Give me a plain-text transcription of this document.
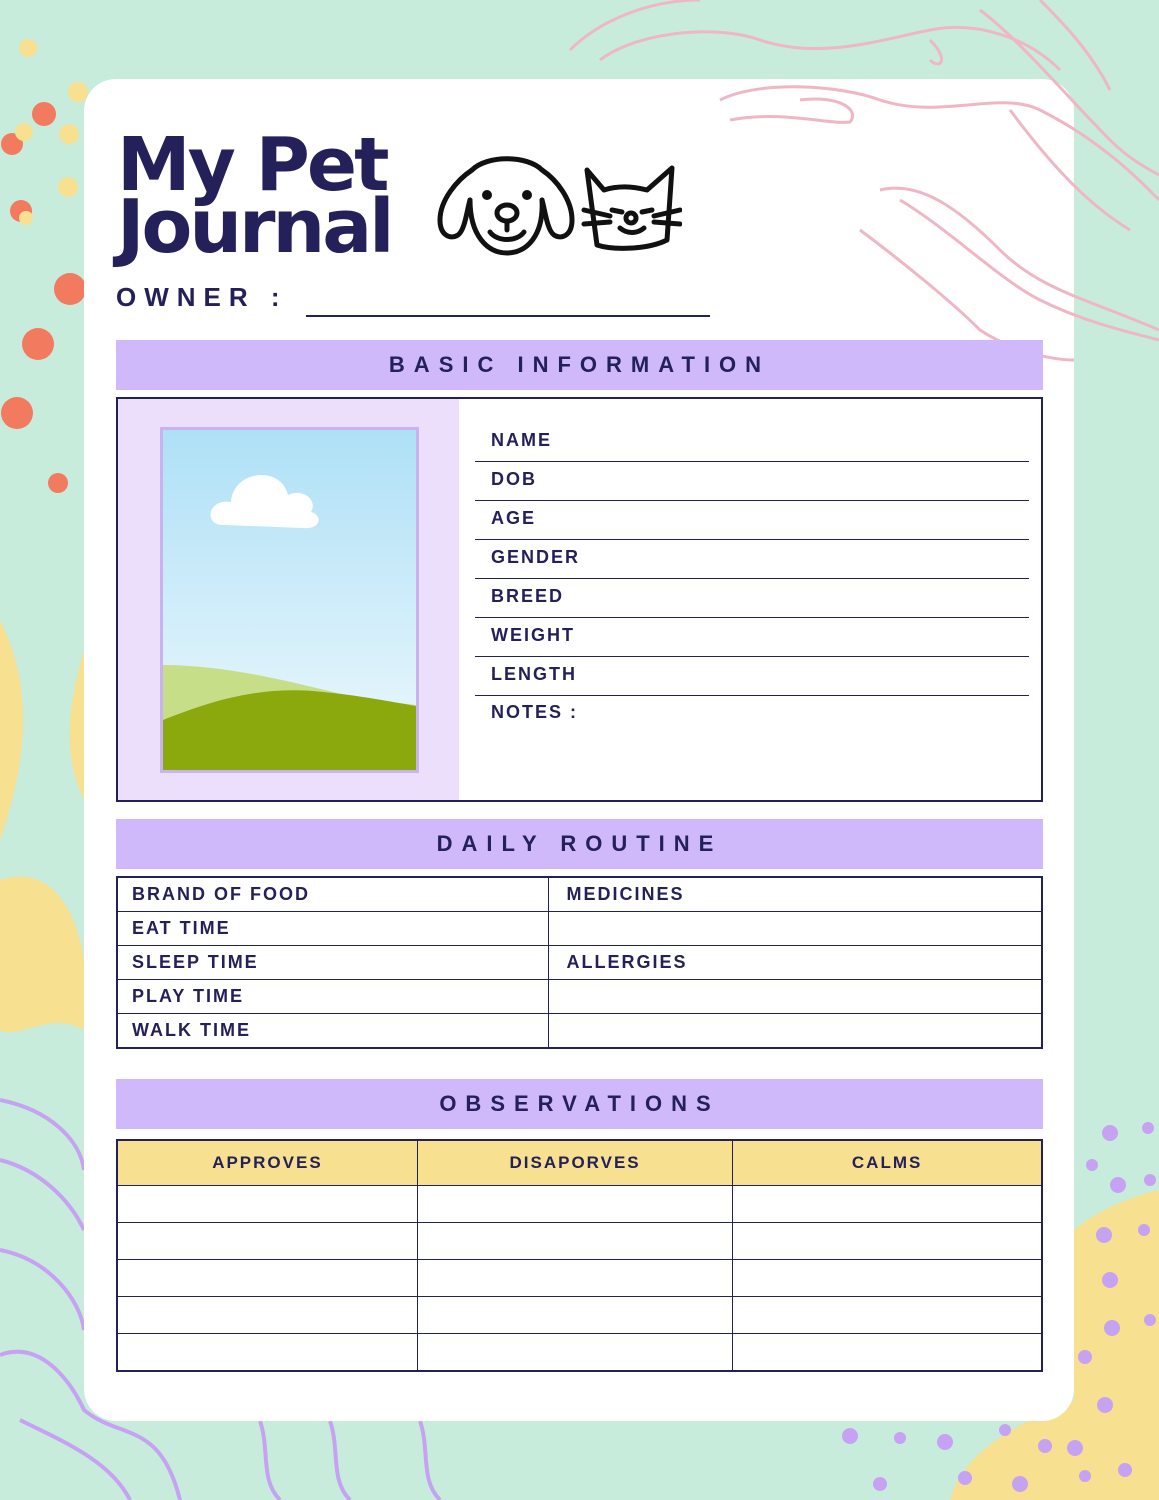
My Pet
Journal
OWNER :
BASIC INFORMATION
NAME
DOB
AGE
GENDER
BREED
WEIGHT
LENGTH
NOTES :
DAILY ROUTINE
BRAND OF FOOD	MEDICINES
EAT TIME	
SLEEP TIME	ALLERGIES
PLAY TIME	
WALK TIME	
OBSERVATIONS
APPROVES	DISAPORVES	CALMS
